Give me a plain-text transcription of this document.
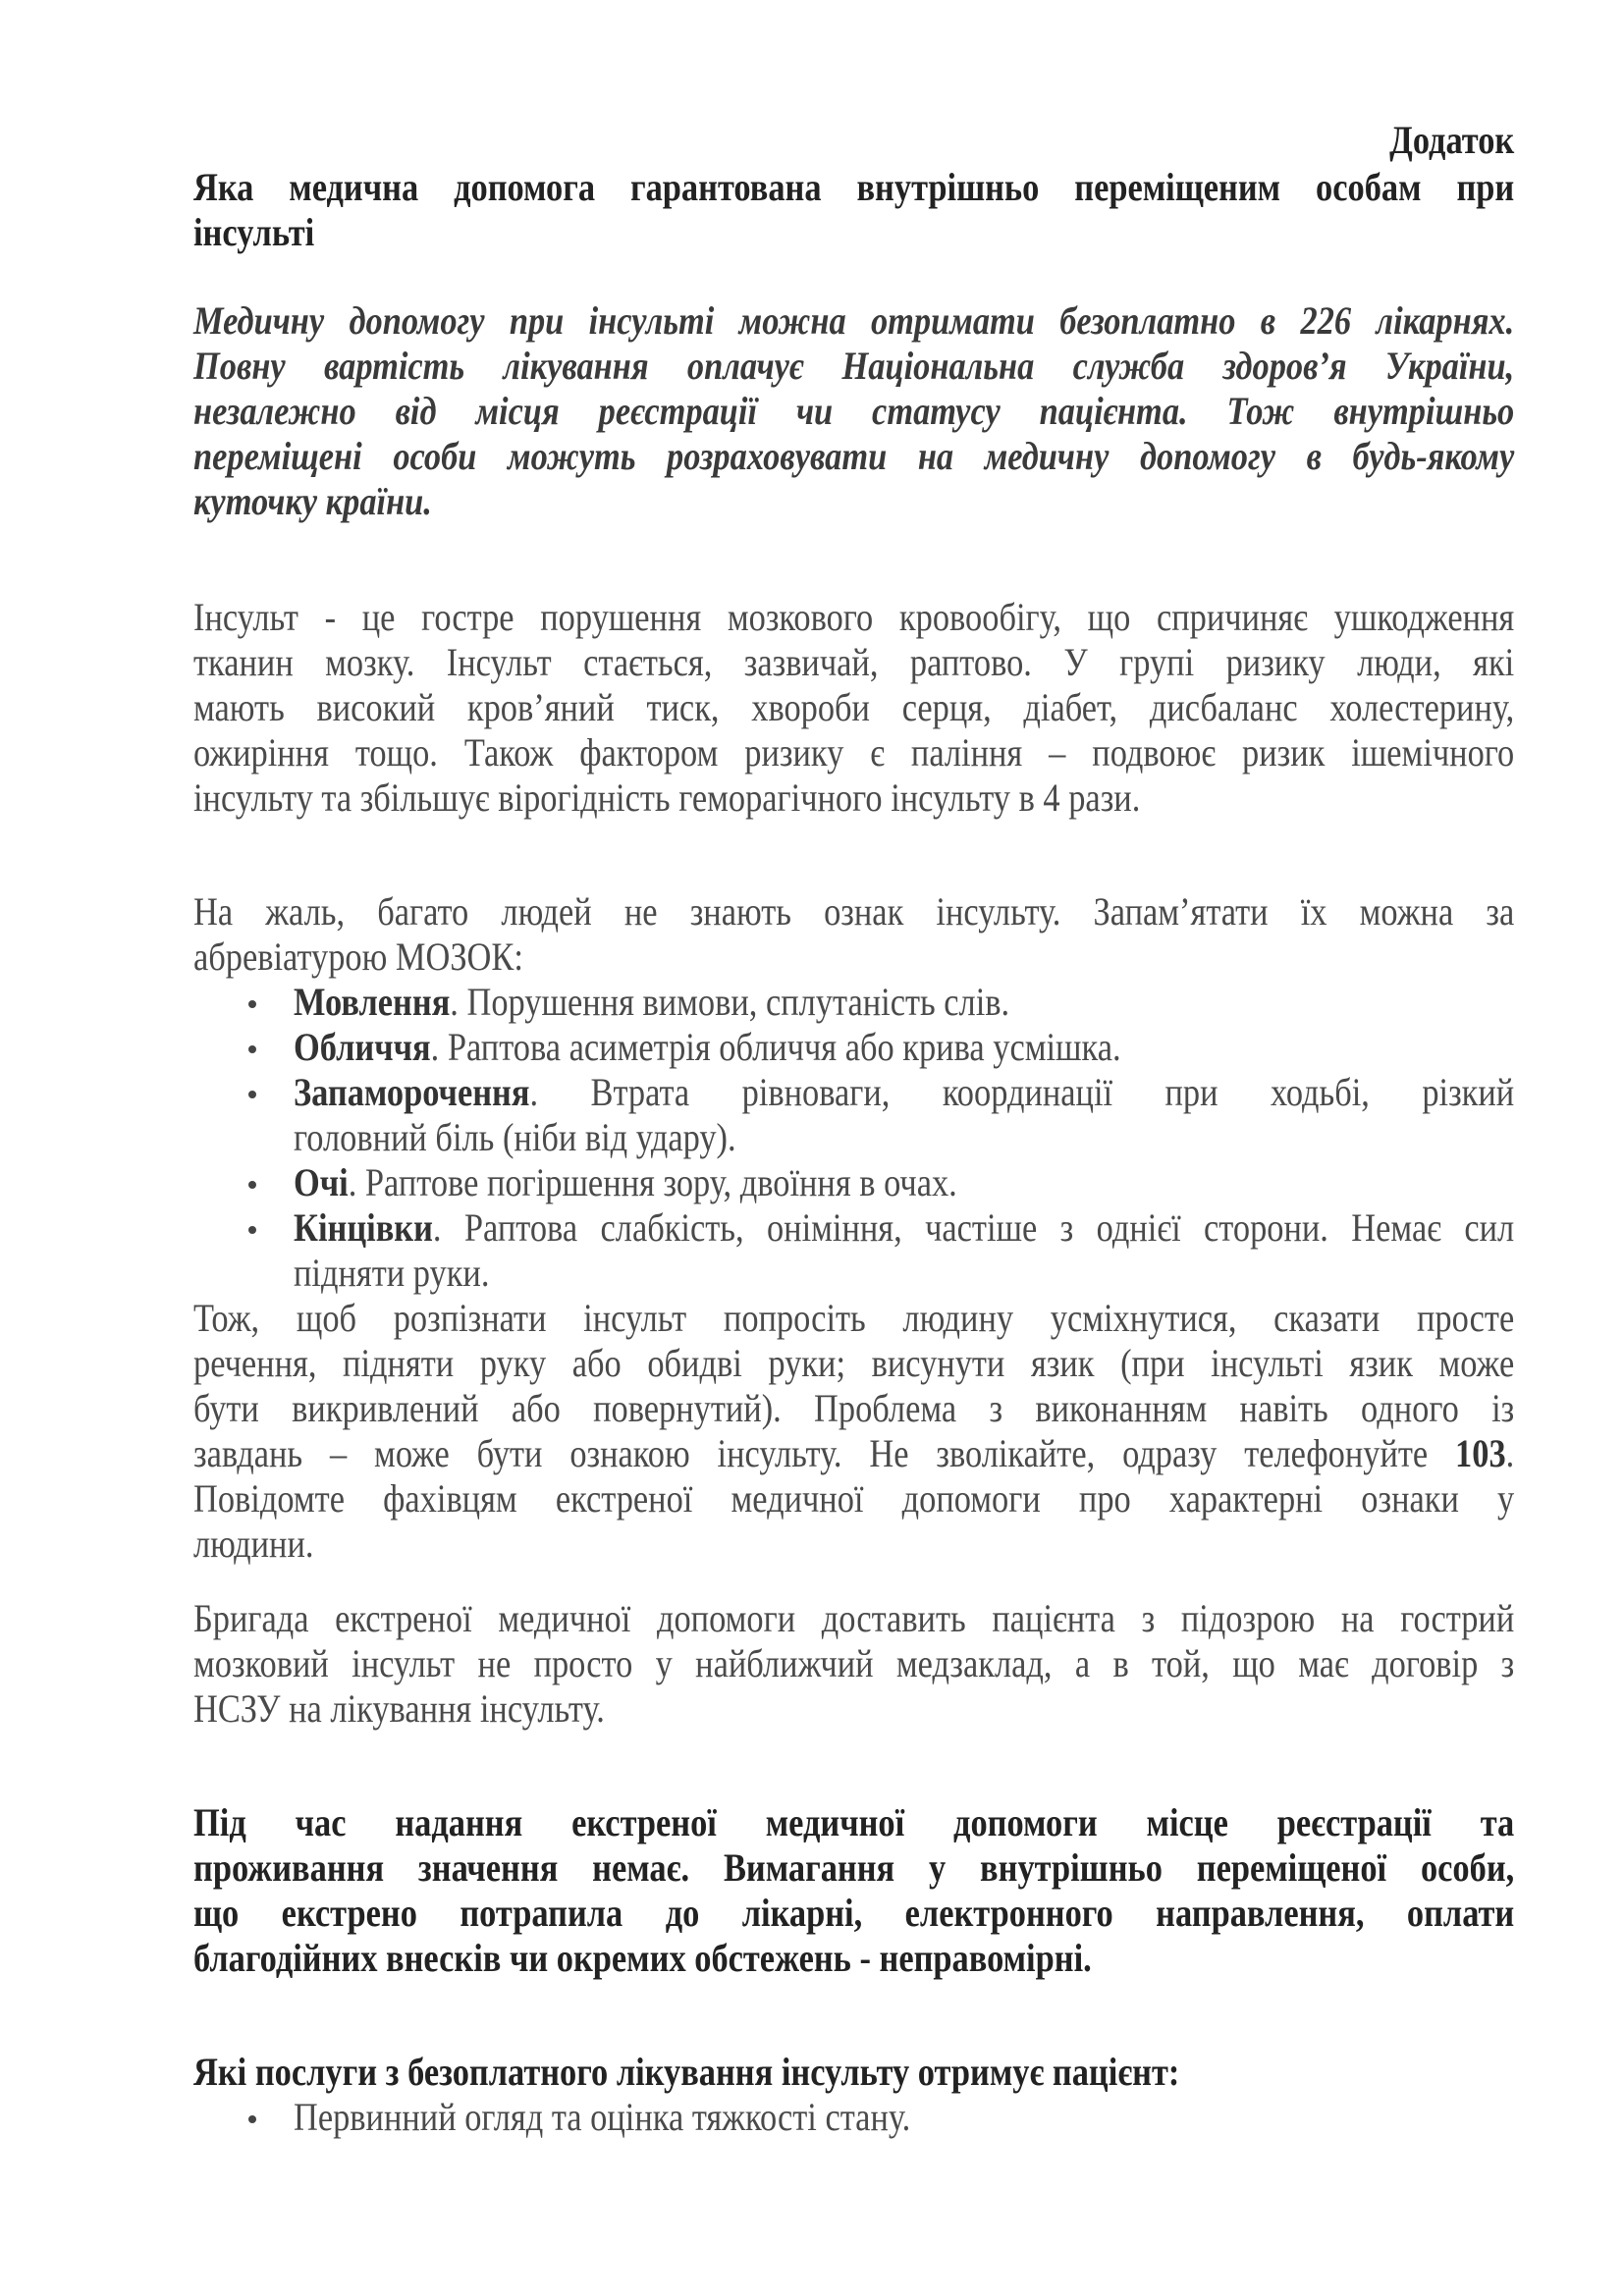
Додаток
Яка медична допомога гарантована внутрішньо переміщеним особам при
інсульті
Медичну допомогу при інсульті можна отримати безоплатно в 226 лікарнях.
Повну вартість лікування оплачує Національна служба здоров’я України,
незалежно від місця реєстрації чи статусу пацієнта. Тож внутрішньо
переміщені особи можуть розраховувати на медичну допомогу в будь-якому
куточку країни.
Інсульт - це гостре порушення мозкового кровообігу, що спричиняє ушкодження
тканин мозку. Інсульт стається, зазвичай, раптово. У групі ризику люди, які
мають високий кров’яний тиск, хвороби серця, діабет, дисбаланс холестерину,
ожиріння тощо. Також фактором ризику є паління – подвоює ризик ішемічного
інсульту та збільшує вірогідність геморагічного інсульту в 4 рази.
На жаль, багато людей не знають ознак інсульту. Запам’ятати їх можна за
абревіатурою МОЗОК:
Мовлення. Порушення вимови, сплутаність слів.
Обличчя. Раптова асиметрія обличчя або крива усмішка.
Запаморочення. Втрата рівноваги, координації при ходьбі, різкий
головний біль (ніби від удару).
Очі. Раптове погіршення зору, двоїння в очах.
Кінцівки. Раптова слабкість, оніміння, частіше з однієї сторони. Немає сил
підняти руки.
Тож, щоб розпізнати інсульт попросіть людину усміхнутися, сказати просте
речення, підняти руку або обидві руки; висунути язик (при інсульті язик може
бути викривлений або повернутий). Проблема з виконанням навіть одного із
завдань – може бути ознакою інсульту. Не зволікайте, одразу телефонуйте 103.
Повідомте фахівцям екстреної медичної допомоги про характерні ознаки у
людини.
Бригада екстреної медичної допомоги доставить пацієнта з підозрою на гострий
мозковий інсульт не просто у найближчий медзаклад, а в той, що має договір з
НСЗУ на лікування інсульту.
Під час надання екстреної медичної допомоги місце реєстрації та
проживання значення немає. Вимагання у внутрішньо переміщеної особи,
що екстрено потрапила до лікарні, електронного направлення, оплати
благодійних внесків чи окремих обстежень - неправомірні.
Які послуги з безоплатного лікування інсульту отримує пацієнт:
Первинний огляд та оцінка тяжкості стану.
